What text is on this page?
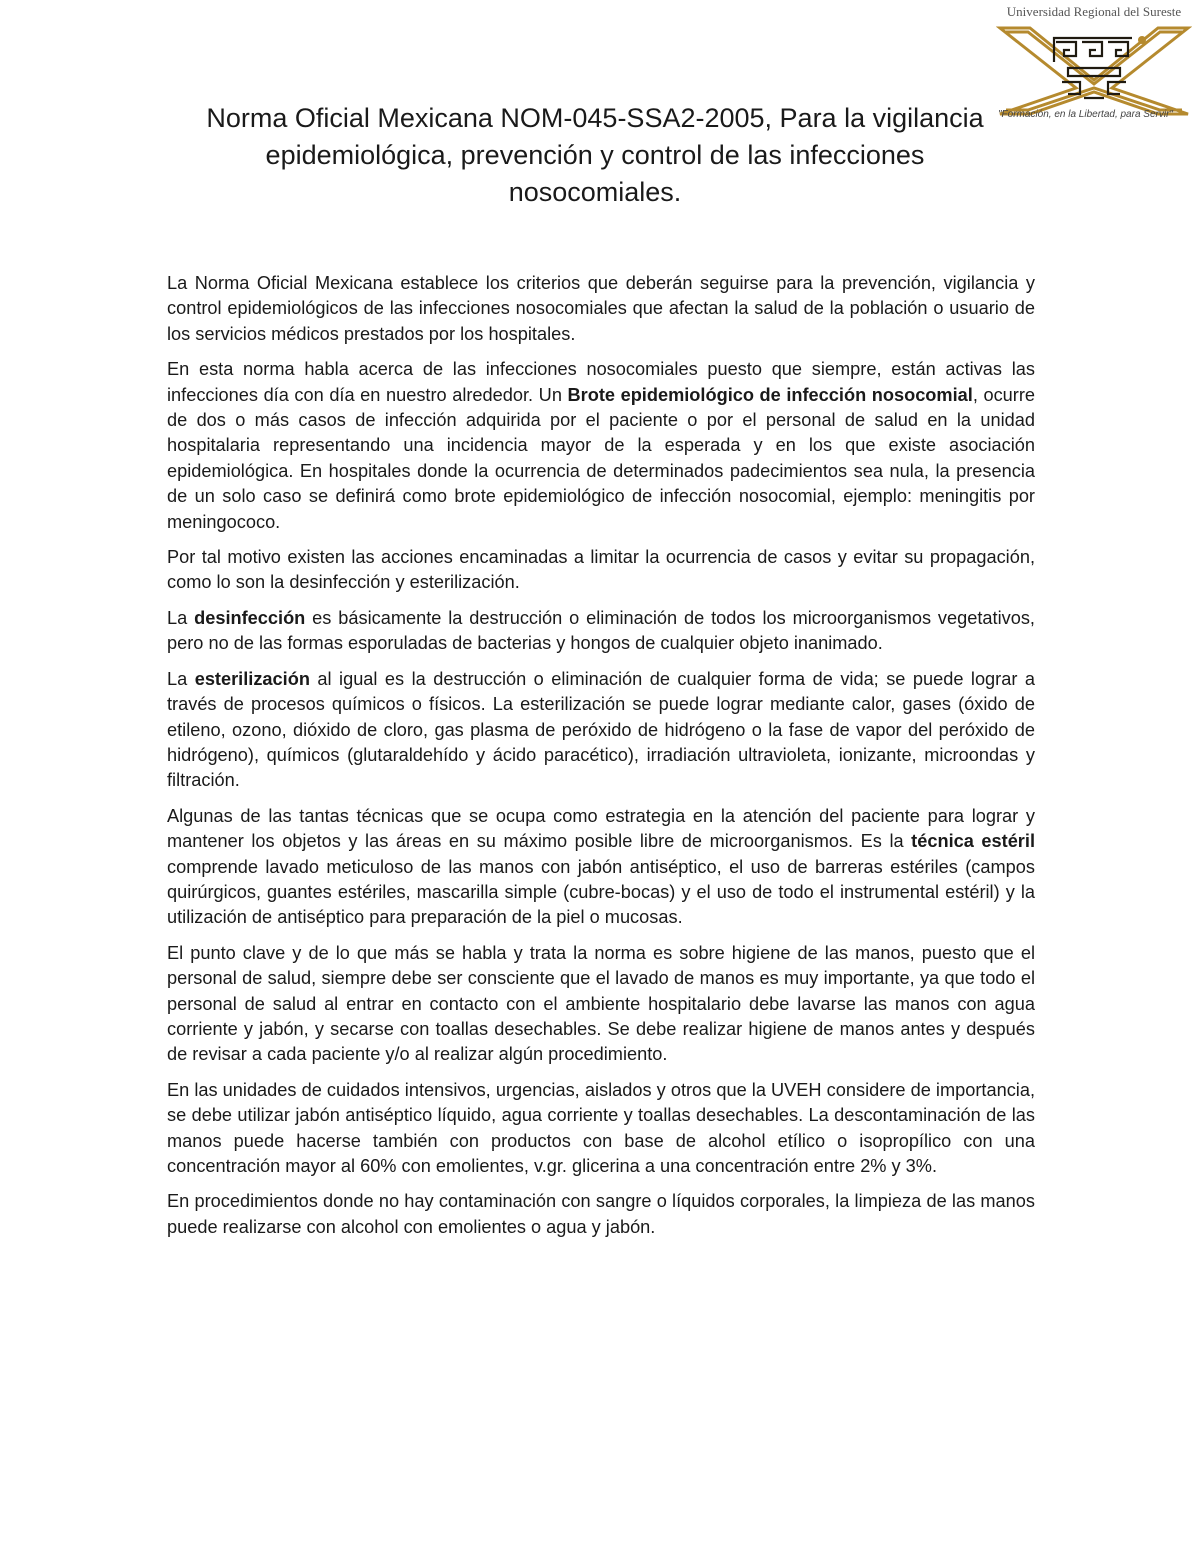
Universidad Regional del Sureste
"Formación, en la Libertad, para Servir"
Norma Oficial Mexicana NOM-045-SSA2-2005, Para la vigilancia epidemiológica, prevención y control de las infecciones nosocomiales.

La Norma Oficial Mexicana establece los criterios que deberán seguirse para la prevención, vigilancia y control epidemiológicos de las infecciones nosocomiales que afectan la salud de la población o usuario de los servicios médicos prestados por los hospitales.

En esta norma habla acerca de las infecciones nosocomiales puesto que siempre, están activas las infecciones día con día en nuestro alrededor. Un Brote epidemiológico de infección nosocomial, ocurre de dos o más casos de infección adquirida por el paciente o por el personal de salud en la unidad hospitalaria representando una incidencia mayor de la esperada y en los que existe asociación epidemiológica. En hospitales donde la ocurrencia de determinados padecimientos sea nula, la presencia de un solo caso se definirá como brote epidemiológico de infección nosocomial, ejemplo: meningitis por meningococo.

Por tal motivo existen las acciones encaminadas a limitar la ocurrencia de casos y evitar su propagación, como lo son la desinfección y esterilización.

La desinfección es básicamente la destrucción o eliminación de todos los microorganismos vegetativos, pero no de las formas esporuladas de bacterias y hongos de cualquier objeto inanimado.

La esterilización al igual es la destrucción o eliminación de cualquier forma de vida; se puede lograr a través de procesos químicos o físicos. La esterilización se puede lograr mediante calor, gases (óxido de etileno, ozono, dióxido de cloro, gas plasma de peróxido de hidrógeno o la fase de vapor del peróxido de hidrógeno), químicos (glutaraldehído y ácido paracético), irradiación ultravioleta, ionizante, microondas y filtración.

Algunas de las tantas técnicas que se ocupa como estrategia en la atención del paciente para lograr y mantener los objetos y las áreas en su máximo posible libre de microorganismos. Es la técnica estéril comprende lavado meticuloso de las manos con jabón antiséptico, el uso de barreras estériles (campos quirúrgicos, guantes estériles, mascarilla simple (cubre-bocas) y el uso de todo el instrumental estéril) y la utilización de antiséptico para preparación de la piel o mucosas.

El punto clave y de lo que más se habla y trata la norma es sobre higiene de las manos, puesto que el personal de salud, siempre debe ser consciente que el lavado de manos es muy importante, ya que todo el personal de salud al entrar en contacto con el ambiente hospitalario debe lavarse las manos con agua corriente y jabón, y secarse con toallas desechables. Se debe realizar higiene de manos antes y después de revisar a cada paciente y/o al realizar algún procedimiento.

En las unidades de cuidados intensivos, urgencias, aislados y otros que la UVEH considere de importancia, se debe utilizar jabón antiséptico líquido, agua corriente y toallas desechables. La descontaminación de las manos puede hacerse también con productos con base de alcohol etílico o isopropílico con una concentración mayor al 60% con emolientes, v.gr. glicerina a una concentración entre 2% y 3%.

En procedimientos donde no hay contaminación con sangre o líquidos corporales, la limpieza de las manos puede realizarse con alcohol con emolientes o agua y jabón.
